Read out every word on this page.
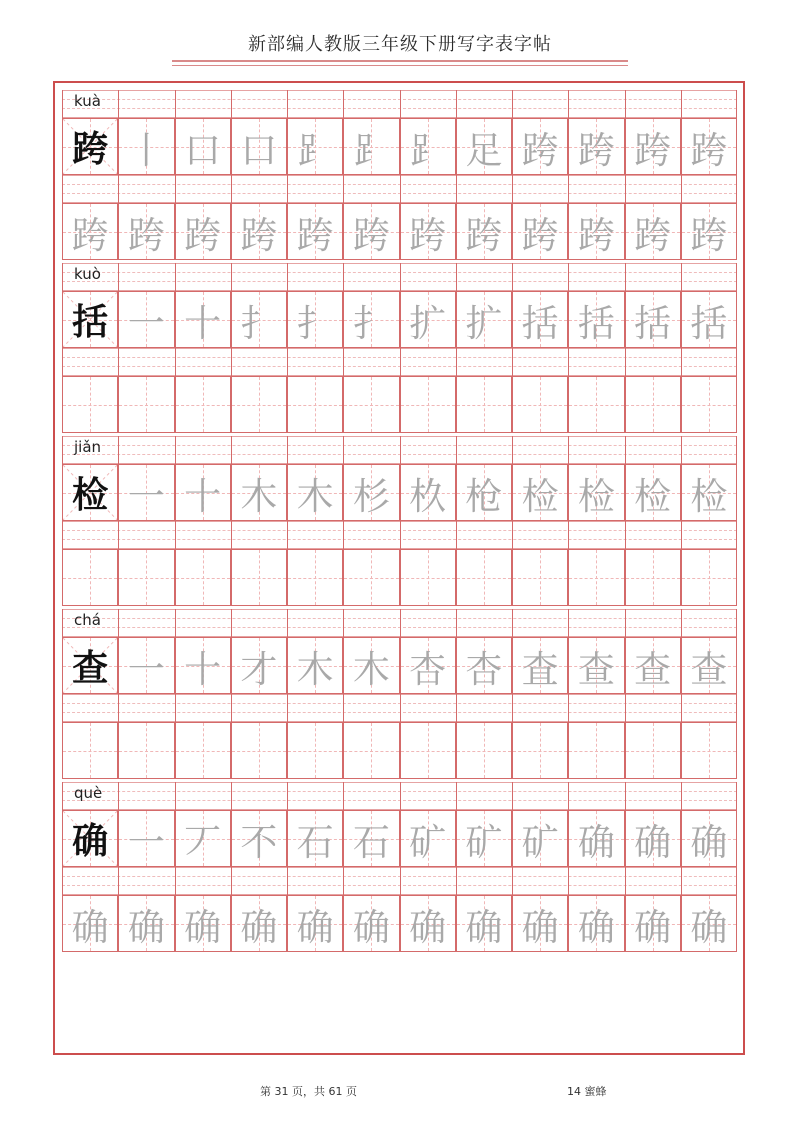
新部编人教版三年级下册写字表字帖
kuà
跨 丨 口 口 ⻊ ⻊ ⻊ 足 跨 跨 跨 跨
跨 跨 跨 跨 跨 跨 跨 跨 跨 跨 跨 跨
kuò
括 一 十 扌 扌 扌 扩 扩 括 括 括 括
jiǎn
检 一 十 木 木 杉 杦 枪 检 检 检 检
chá
查 一 十 才 木 木 杏 杏 査 查 查 查
què
确 一 丆 不 石 石 矿 矿 矿 确 确 确
确 确 确 确 确 确 确 确 确 确 确 确
第 31 页，共 61 页	14 蜜蜂
